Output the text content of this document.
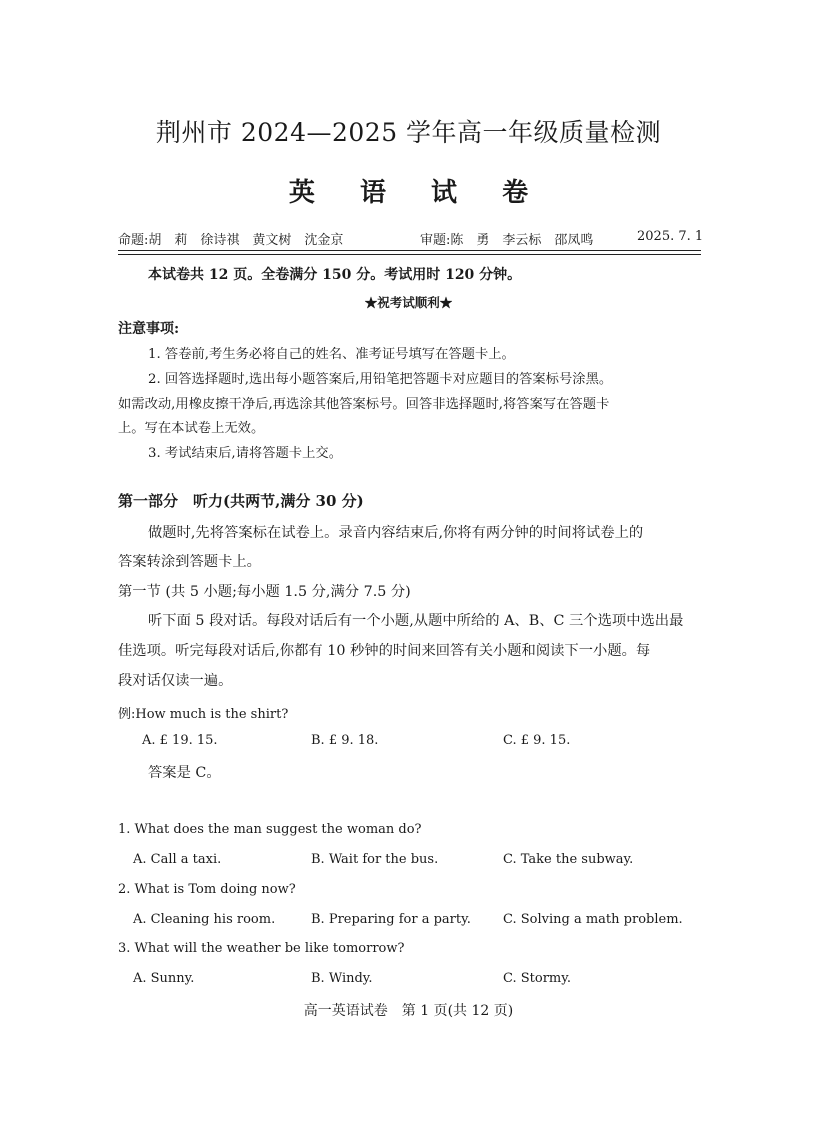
荆州市 2024—2025 学年高一年级质量检测
英 语 试 卷
命题:胡　莉　徐诗祺　黄文树　沈金京	审题:陈　勇　李云标　邵凤鸣	2025. 7. 1
本试卷共 12 页。全卷满分 150 分。考试用时 120 分钟。
★祝考试顺利★
注意事项:
1. 答卷前,考生务必将自己的姓名、准考证号填写在答题卡上。
2. 回答选择题时,选出每小题答案后,用铅笔把答题卡对应题目的答案标号涂黑。
如需改动,用橡皮擦干净后,再选涂其他答案标号。回答非选择题时,将答案写在答题卡
上。写在本试卷上无效。
3. 考试结束后,请将答题卡上交。
第一部分　听力(共两节,满分 30 分)
做题时,先将答案标在试卷上。录音内容结束后,你将有两分钟的时间将试卷上的
答案转涂到答题卡上。
第一节 (共 5 小题;每小题 1.5 分,满分 7.5 分)
听下面 5 段对话。每段对话后有一个小题,从题中所给的 A、B、C 三个选项中选出最
佳选项。听完每段对话后,你都有 10 秒钟的时间来回答有关小题和阅读下一小题。每
段对话仅读一遍。
例:How much is the shirt?
A. £ 19. 15.	B. £ 9. 18.	C. £ 9. 15.
答案是 C。
1. What does the man suggest the woman do?
A. Call a taxi.	B. Wait for the bus.	C. Take the subway.
2. What is Tom doing now?
A. Cleaning his room.	B. Preparing for a party. C. Solving a math problem.
3. What will the weather be like tomorrow?
A. Sunny.	B. Windy.	C. Stormy.
高一英语试卷　第 1 页(共 12 页)
